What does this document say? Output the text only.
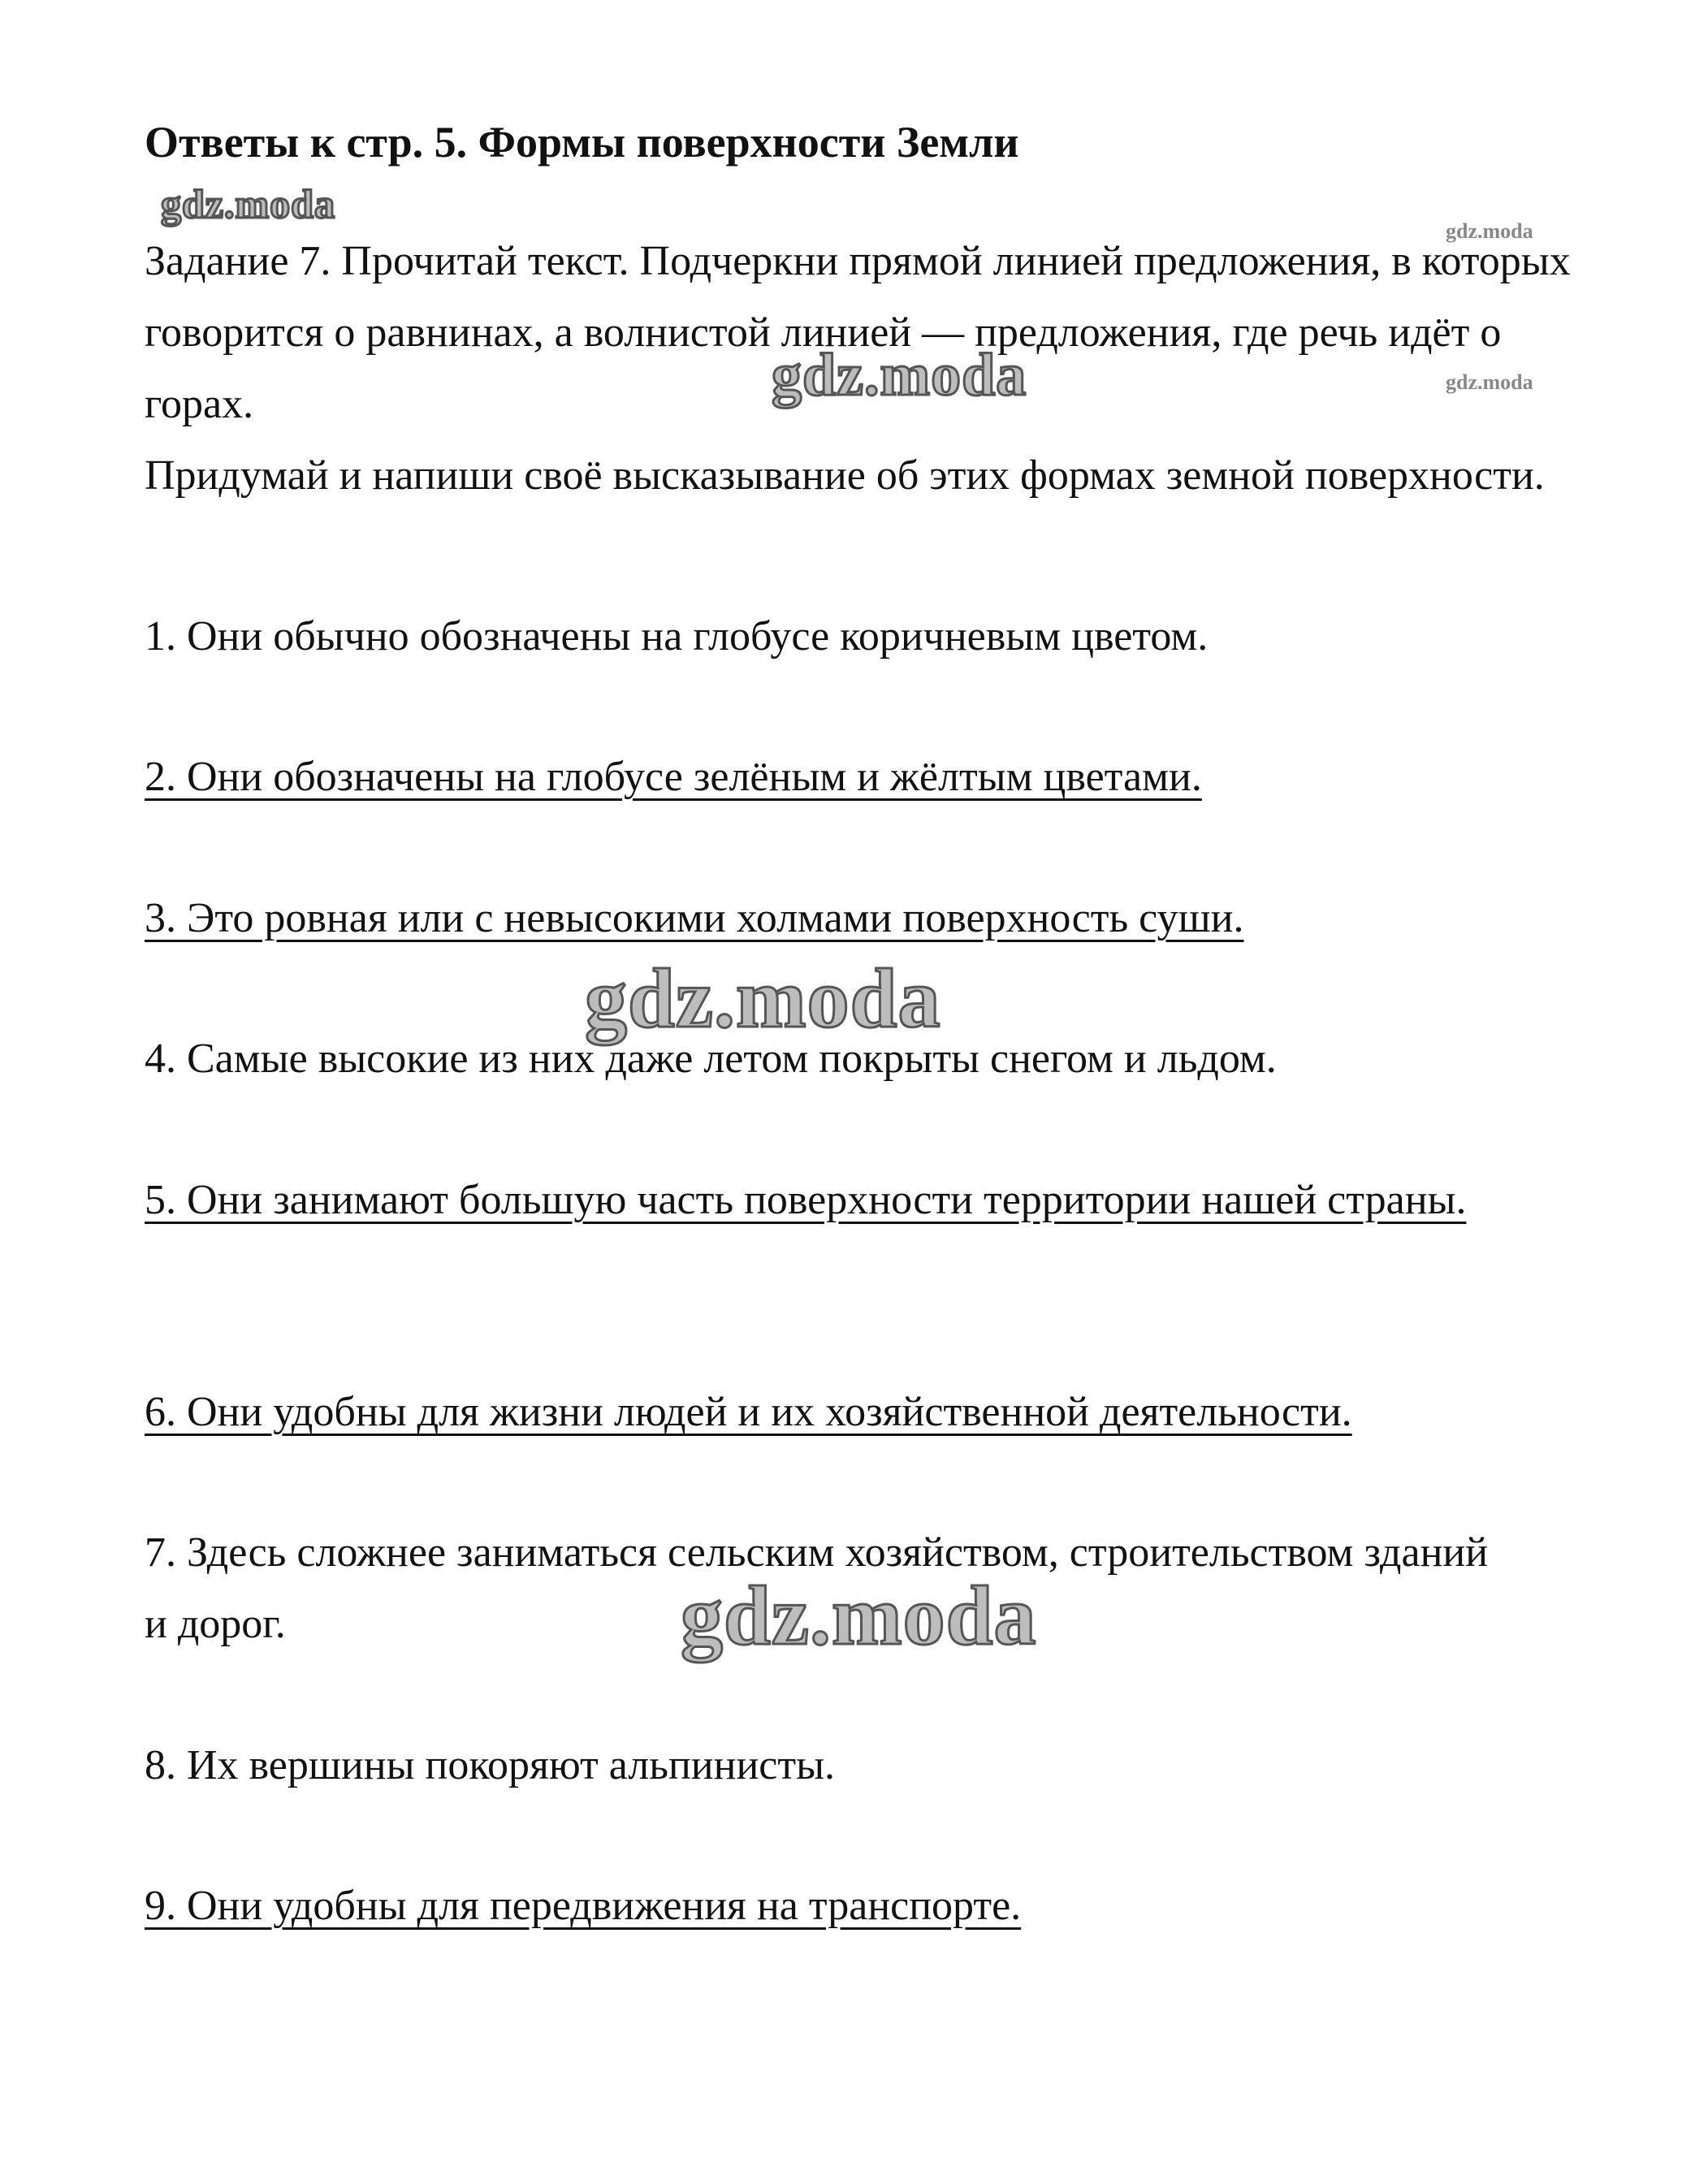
Ответы к стр. 5. Формы поверхности Земли

Задание 7. Прочитай текст. Подчеркни прямой линией предложения, в которых говорится о равнинах, а волнистой линией — предложения, где речь идёт о горах.

Придумай и напиши своё высказывание об этих формах земной поверхности.

1. Они обычно обозначены на глобусе коричневым цветом.
2. Они обозначены на глобусе зелёным и жёлтым цветами.
3. Это ровная или с невысокими холмами поверхность суши.
4. Самые высокие из них даже летом покрыты снегом и льдом.
5. Они занимают большую часть поверхности территории нашей страны.
6. Они удобны для жизни людей и их хозяйственной деятельности.
7. Здесь сложнее заниматься сельским хозяйством, строительством зданий и дорог.
8. Их вершины покоряют альпинисты.
9. Они удобны для передвижения на транспорте.
gdz.moda
gdz.moda
gdz.moda	gdz.moda
gdz.moda
gdz.moda
